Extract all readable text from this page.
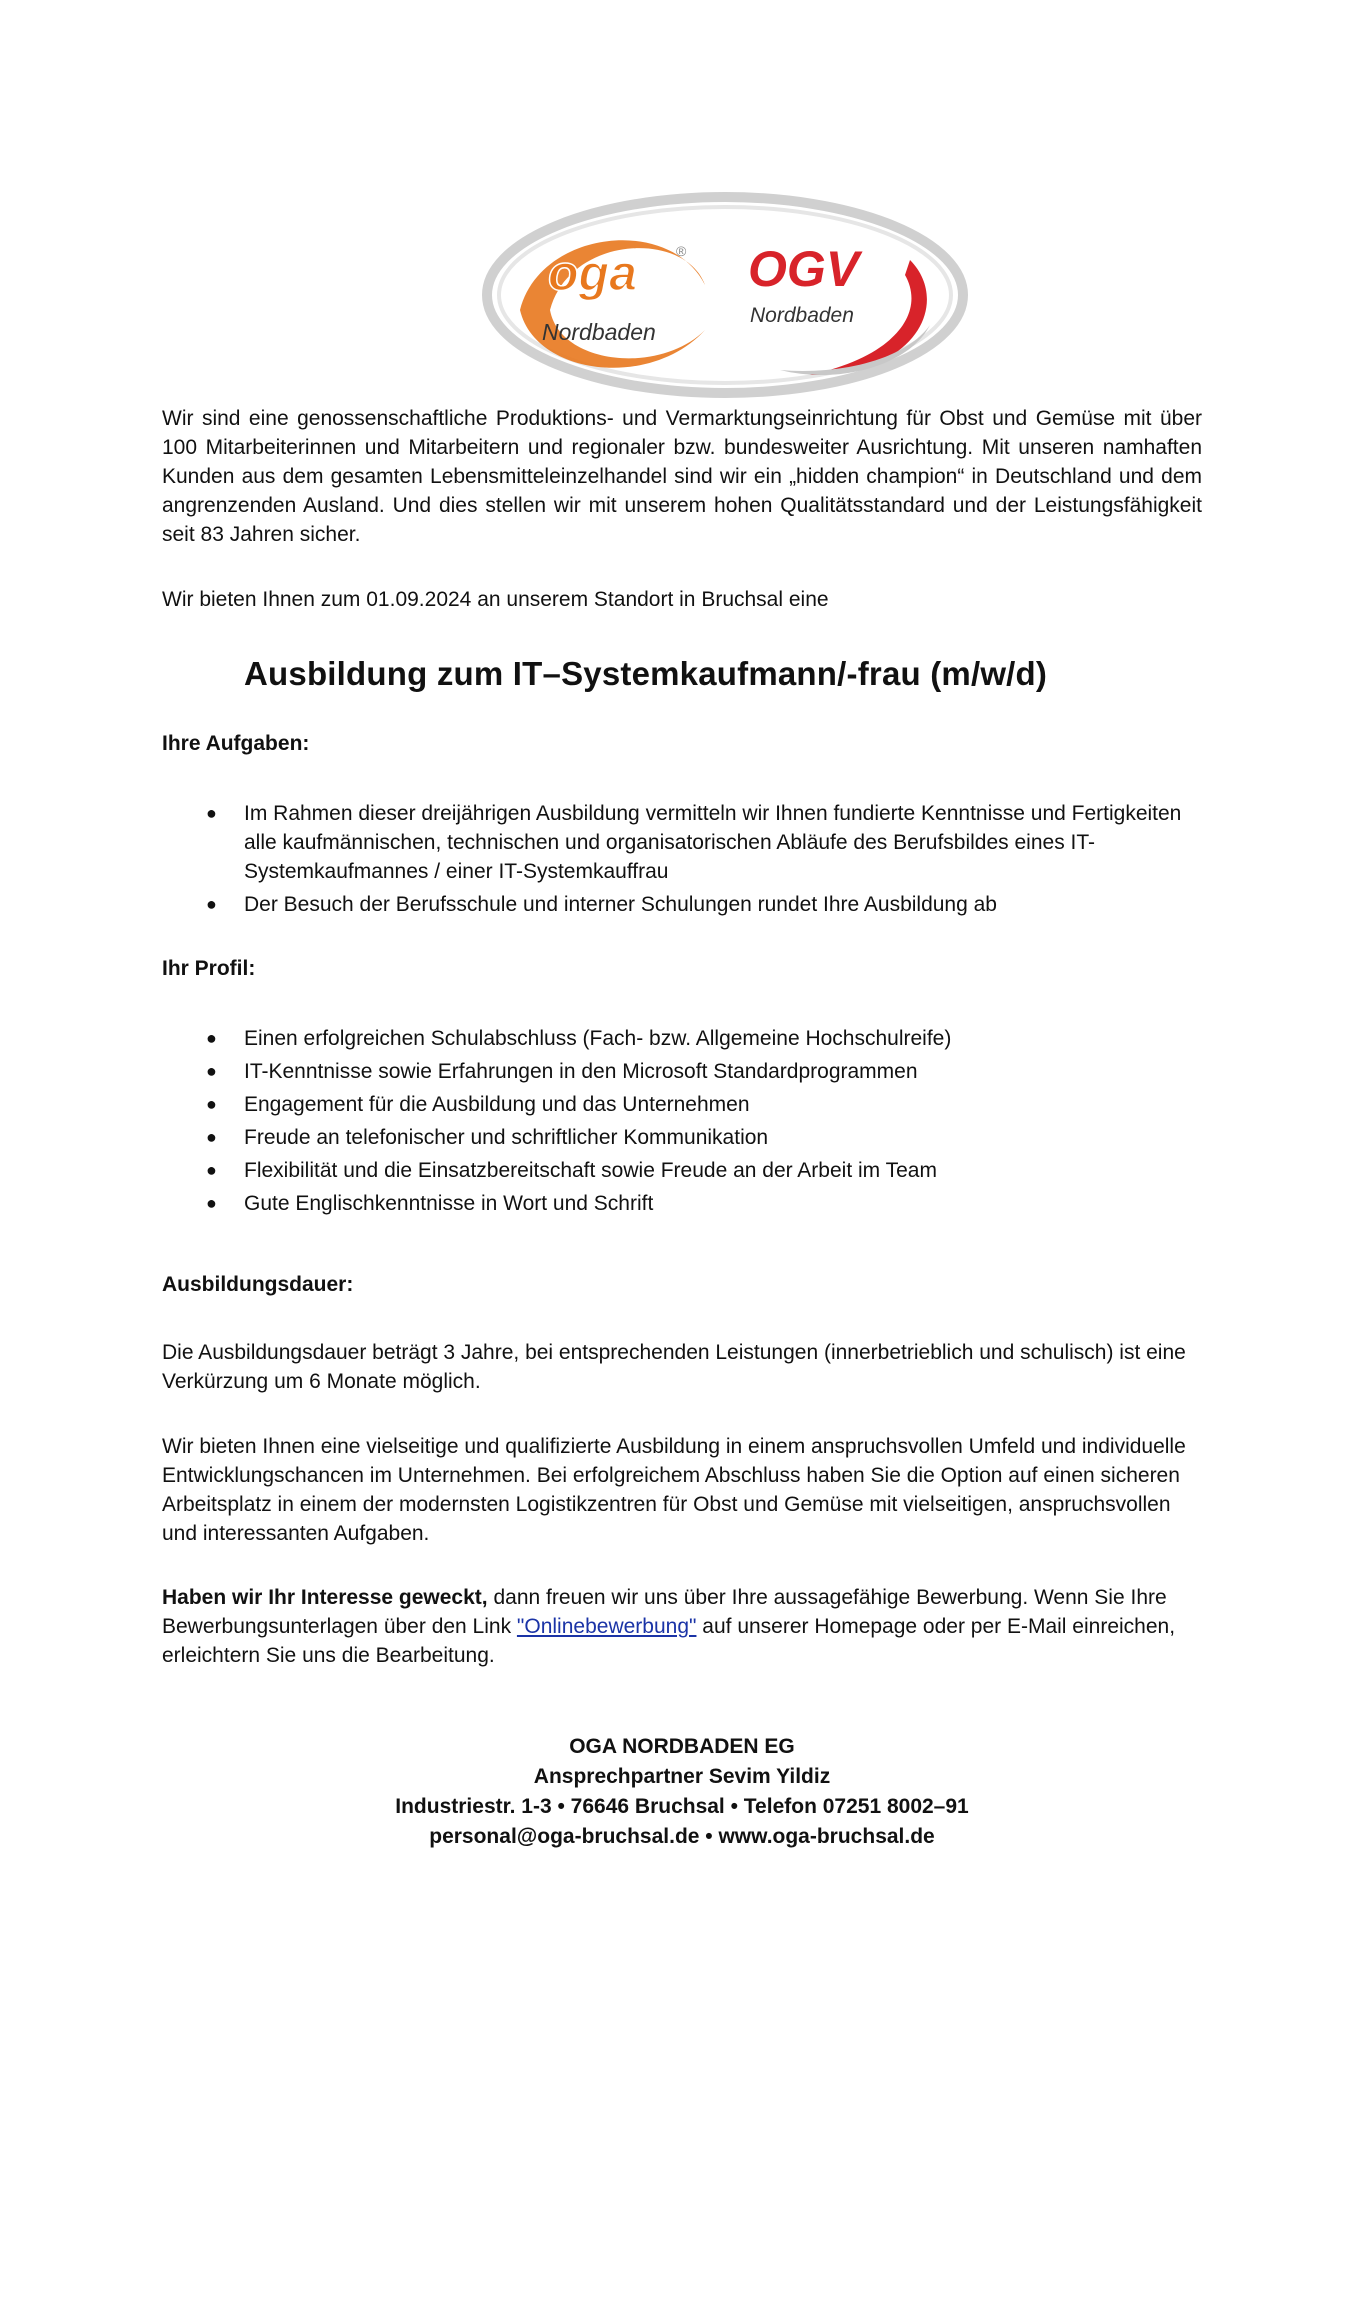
oga	®
Nordbaden
OGV
Nordbaden

Wir sind eine genossenschaftliche Produktions- und Vermarktungseinrichtung für Obst und Gemüse mit über 100 Mitarbeiterinnen und Mitarbeitern und regionaler bzw. bundesweiter Ausrichtung. Mit unseren namhaften Kunden aus dem gesamten Lebensmitteleinzelhandel sind wir ein „hidden champion“ in Deutschland und dem angrenzenden Ausland. Und dies stellen wir mit unserem hohen Qualitätsstandard und der Leistungsfähigkeit seit 83 Jahren sicher.

Wir bieten Ihnen zum 01.09.2024 an unserem Standort in Bruchsal eine

Ausbildung zum IT–Systemkaufmann/-frau (m/w/d)
Ihre Aufgaben:
● Im Rahmen dieser dreijährigen Ausbildung vermitteln wir Ihnen fundierte Kenntnisse und Fertigkeiten alle kaufmännischen, technischen und organisatorischen Abläufe des Berufsbildes eines IT-Systemkaufmannes / einer IT-Systemkauffrau
● Der Besuch der Berufsschule und interner Schulungen rundet Ihre Ausbildung ab
Ihr Profil:
● Einen erfolgreichen Schulabschluss (Fach- bzw. Allgemeine Hochschulreife)
● IT-Kenntnisse sowie Erfahrungen in den Microsoft Standardprogrammen
● Engagement für die Ausbildung und das Unternehmen
● Freude an telefonischer und schriftlicher Kommunikation
● Flexibilität und die Einsatzbereitschaft sowie Freude an der Arbeit im Team
● Gute Englischkenntnisse in Wort und Schrift
Ausbildungsdauer:

Die Ausbildungsdauer beträgt 3 Jahre, bei entsprechenden Leistungen (innerbetrieblich und schulisch) ist eine Verkürzung um 6 Monate möglich.

Wir bieten Ihnen eine vielseitige und qualifizierte Ausbildung in einem anspruchsvollen Umfeld und individuelle Entwicklungschancen im Unternehmen. Bei erfolgreichem Abschluss haben Sie die Option auf einen sicheren Arbeitsplatz in einem der modernsten Logistikzentren für Obst und Gemüse mit vielseitigen, anspruchsvollen und interessanten Aufgaben.

Haben wir Ihr Interesse geweckt, dann freuen wir uns über Ihre aussagefähige Bewerbung. Wenn Sie Ihre Bewerbungsunterlagen über den Link "Onlinebewerbung" auf unserer Homepage oder per E-Mail einreichen, erleichtern Sie uns die Bearbeitung.

OGA NORDBADEN EG
Ansprechpartner Sevim Yildiz
Industriestr. 1-3 • 76646 Bruchsal • Telefon 07251 8002–91
personal@oga-bruchsal.de • www.oga-bruchsal.de
